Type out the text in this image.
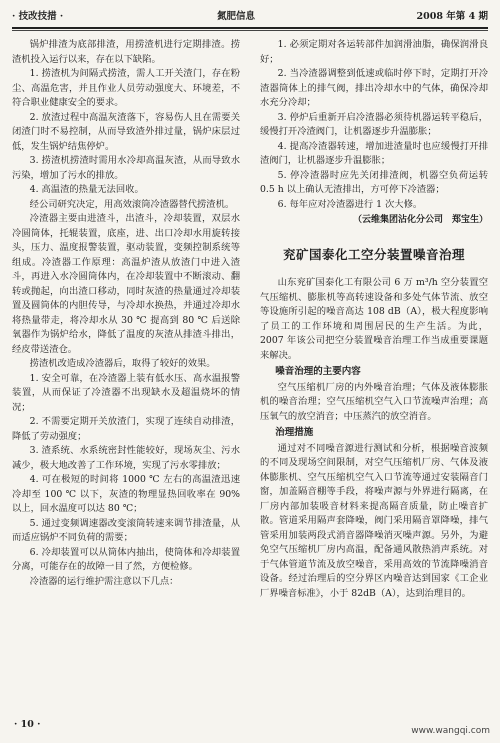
· 技改技措 ·	氮肥信息	2008 年第 4 期

锅炉排渣为底部排渣，用捞渣机进行定期排渣。捞渣机投入运行以来，存在以下缺陷。

1. 捞渣机为间隔式捞渣，需人工开关渣门，存在粉尘、高温危害，并且作业人员劳动强度大、环境差，不符合职业健康安全的要求。

2. 放渣过程中高温灰渣落下，容易伤人且在需要关闭渣门时不易控制，从而导致渣外排过量，锅炉床层过低，发生锅炉结焦停炉。

3. 捞渣机捞渣时需用水冷却高温灰渣，从而导致水污染，增加了污水的排放。

4. 高温渣的热量无法回收。

经公司研究决定，用高效滚筒冷渣器替代捞渣机。

冷渣器主要由进渣斗，出渣斗，冷却装置，双层水冷圆筒体，托辊装置，底座，进、出口冷却水用旋转接头，压力、温度报警装置，驱动装置，变频控制系统等组成。冷渣器工作原理：高温炉渣从放渣门中进入渣斗，再进入水冷圆筒体内，在冷却装置中不断滚动、翻转或抛起，向出渣口移动，同时灰渣的热量通过冷却装置及圆筒体的内胆传导，与冷却水换热，并通过冷却水将热量带走，将冷却水从 30 ℃ 提高到 80 ℃ 后送除氧器作为锅炉给水，降低了温度的灰渣从排渣斗排出，经皮带送渣仓。

捞渣机改造成冷渣器后，取得了较好的效果。

1. 安全可靠，在冷渣器上装有低水压、高水温报警装置，从而保证了冷渣器不出现缺水及超温烧坏的情况；

2. 不需要定期开关放渣门，实现了连续自动排渣，降低了劳动强度；

3. 渣系统、水系统密封性能较好，现场灰尘、污水减少，极大地改善了工作环境，实现了污水零排放；

4. 可在极短的时间将 1000 ℃ 左右的高温渣迅速冷却至 100 ℃ 以下，灰渣的物理显热回收率在 90% 以上，回水温度可以达 80 ℃；

5. 通过变频调速器改变滚筒转速来调节排渣量，从而适应锅炉不同负荷的需要；

6. 冷却装置可以从筒体内抽出，使筒体和冷却装置分离，可能存在的故障一目了然，方便检修。

冷渣器的运行维护需注意以下几点：

1. 必须定期对各运转部件加润滑油脂，确保润滑良好；

2. 当冷渣器调整到低速或临时停下时，定期打开冷渣器筒体上的排气阀，排出冷却水中的气体，确保冷却水充分冷却；

3. 停炉后重新开启冷渣器必须待机器运转平稳后，缓慢打开冷渣阀门，让机器逐步升温膨胀；

4. 提高冷渣器转速，增加进渣量时也应缓慢打开排渣阀门，让机器逐步升温膨胀；

5. 停冷渣器时应先关闭排渣阀，机器空负荷运转 0.5 h 以上确认无渣排出，方可停下冷渣器；

6. 每年应对冷渣器进行 1 次大修。

（云维集团沾化分公司　郑宝生）
兖矿国泰化工空分装置噪音治理

山东兖矿国泰化工有限公司 6 万 m³/h 空分装置空气压缩机、膨胀机等高转速设备和多处气体节流、放空等设施所引起的噪音高达 108 dB（A），极大程度影响了员工的工作环境和周围居民的生产生活。为此，2007 年该公司把空分装置噪音治理工作当成重要课题来解决。

噪音治理的主要内容

空气压缩机厂房的内外噪音治理；气体及液体膨胀机的噪音治理；空气压缩机空气入口节流噪声治理；高压氧气的放空消音；中压蒸汽的放空消音。

治理措施

通过对不同噪音源进行测试和分析，根据噪音波频的不同及现场空间限制，对空气压缩机厂房、气体及液体膨胀机、空气压缩机空气入口节流等通过安装隔音门窗，加盖隔音棚等手段，将噪声源与外界进行隔离，在厂房内部加装吸音材料来提高隔音质量，防止噪音扩散。管道采用隔声套降噪，阀门采用隔音罩降噪，排气管采用加装两段式消音器降噪消灭噪声源。另外，为避免空气压缩机厂房内高温，配备通风散热消声系统。对于气体管道节流及放空噪音，采用高效的节流降噪消音设备。经过治理后的空分界区内噪音达到国家《工企业厂界噪音标准》，小于 82dB（A），达到治理目的。

· 10 ·
www.wangqi.com
